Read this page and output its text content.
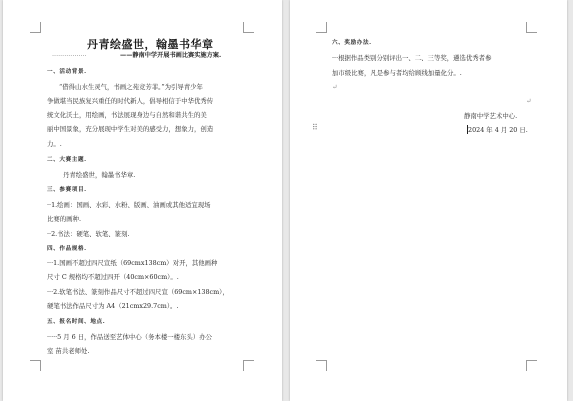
丹青绘盛世，翰墨书华章
·················	——静南中学开展书画比赛实施方案.
一、活动背景.
“借得山水生灵气，书画之苑竞芳菲。”为引导青少年
争做堪当民族复兴重任的时代新人，倡导相信于中华优秀传
统文化沃土，用绘画，书法展现身边与自然和谐共生的美
丽中国景象，充分展现中学生对美的感受力，想象力，创造
力。.
二、大赛主题.
丹青绘盛世，翰墨书华章.
三、参赛项目.
··1.绘画：国画、水彩、水粉、版画、油画或其他适宜现场
比赛的画种.
··2.书法：硬笔、软笔、篆刻.
四、作品规格.
···1.国画不超过四尺宣纸（69cmx138cm）对开，其他画种
尺寸 C 规格均不超过四开（40cm×60cm）。.
···2.软笔书法、篆刻作品尺寸不超过四尺宣（69cm×138cm），
硬笔书法作品尺寸为 A4（21cmx29.7cm）。.
五、报名时间、地点.
·····5 月 6 日，作品送至艺体中心（务本楼一楼东头）办公
室 苗共老师处.
六、奖励办法.
···根据作品类别分别评出一、二、三等奖，遴选优秀者参
加市级比赛，凡是参与者均给顾线加量化分。.
↵
↵
⠿
静南中学艺术中心.
2024 年 4 月 20 日.
